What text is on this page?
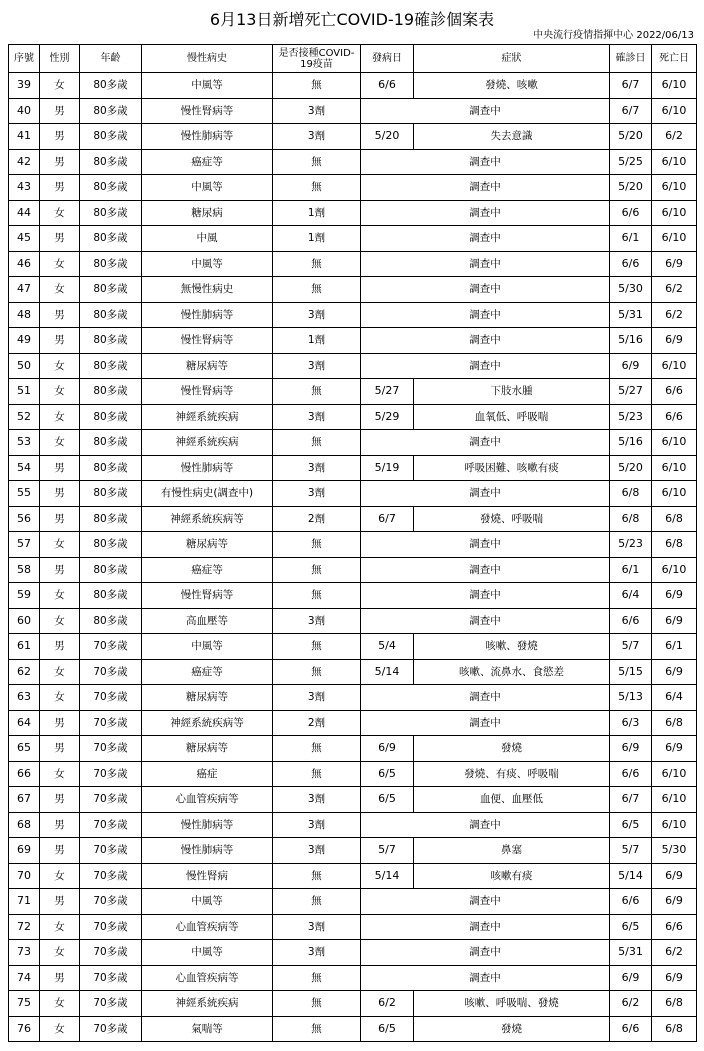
6月13日新增死亡COVID-19確診個案表
中央流行疫情指揮中心 2022/06/13
序號	性別	年齡	慢性病史	是否接種COVID-19疫苗	發病日	症狀	確診日	死亡日
39	女	80多歲	中風等	無	6/6	發燒、咳嗽	6/7	6/10
40	男	80多歲	慢性腎病等	3劑	調查中		6/7	6/10
41	男	80多歲	慢性肺病等	3劑	5/20	失去意識	5/20	6/2
42	男	80多歲	癌症等	無	調查中		5/25	6/10
43	男	80多歲	中風等	無	調查中		5/20	6/10
44	女	80多歲	糖尿病	1劑	調查中		6/6	6/10
45	男	80多歲	中風	1劑	調查中		6/1	6/10
46	女	80多歲	中風等	無	調查中		6/6	6/9
47	女	80多歲	無慢性病史	無	調查中		5/30	6/2
48	男	80多歲	慢性肺病等	3劑	調查中		5/31	6/2
49	男	80多歲	慢性腎病等	1劑	調查中		5/16	6/9
50	女	80多歲	糖尿病等	3劑	調查中		6/9	6/10
51	女	80多歲	慢性腎病等	無	5/27	下肢水腫	5/27	6/6
52	女	80多歲	神經系統疾病	3劑	5/29	血氧低、呼吸喘	5/23	6/6
53	女	80多歲	神經系統疾病	無	調查中		5/16	6/10
54	男	80多歲	慢性肺病等	3劑	5/19	呼吸困難、咳嗽有痰	5/20	6/10
55	男	80多歲	有慢性病史(調查中)	3劑	調查中		6/8	6/10
56	男	80多歲	神經系統疾病等	2劑	6/7	發燒、呼吸喘	6/8	6/8
57	女	80多歲	糖尿病等	無	調查中		5/23	6/8
58	男	80多歲	癌症等	無	調查中		6/1	6/10
59	女	80多歲	慢性腎病等	無	調查中		6/4	6/9
60	女	80多歲	高血壓等	3劑	調查中		6/6	6/9
61	男	70多歲	中風等	無	5/4	咳嗽、發燒	5/7	6/1
62	女	70多歲	癌症等	無	5/14	咳嗽、流鼻水、食慾差	5/15	6/9
63	女	70多歲	糖尿病等	3劑	調查中		5/13	6/4
64	男	70多歲	神經系統疾病等	2劑	調查中		6/3	6/8
65	男	70多歲	糖尿病等	無	6/9	發燒	6/9	6/9
66	女	70多歲	癌症	無	6/5	發燒、有痰、呼吸喘	6/6	6/10
67	男	70多歲	心血管疾病等	3劑	6/5	血便、血壓低	6/7	6/10
68	男	70多歲	慢性肺病等	3劑	調查中		6/5	6/10
69	男	70多歲	慢性肺病等	3劑	5/7	鼻塞	5/7	5/30
70	女	70多歲	慢性腎病	無	5/14	咳嗽有痰	5/14	6/9
71	男	70多歲	中風等	無	調查中		6/6	6/9
72	女	70多歲	心血管疾病等	3劑	調查中		6/5	6/6
73	女	70多歲	中風等	3劑	調查中		5/31	6/2
74	男	70多歲	心血管疾病等	無	調查中		6/9	6/9
75	女	70多歲	神經系統疾病	無	6/2	咳嗽、呼吸喘、發燒	6/2	6/8
76	女	70多歲	氣喘等	無	6/5	發燒	6/6	6/8
